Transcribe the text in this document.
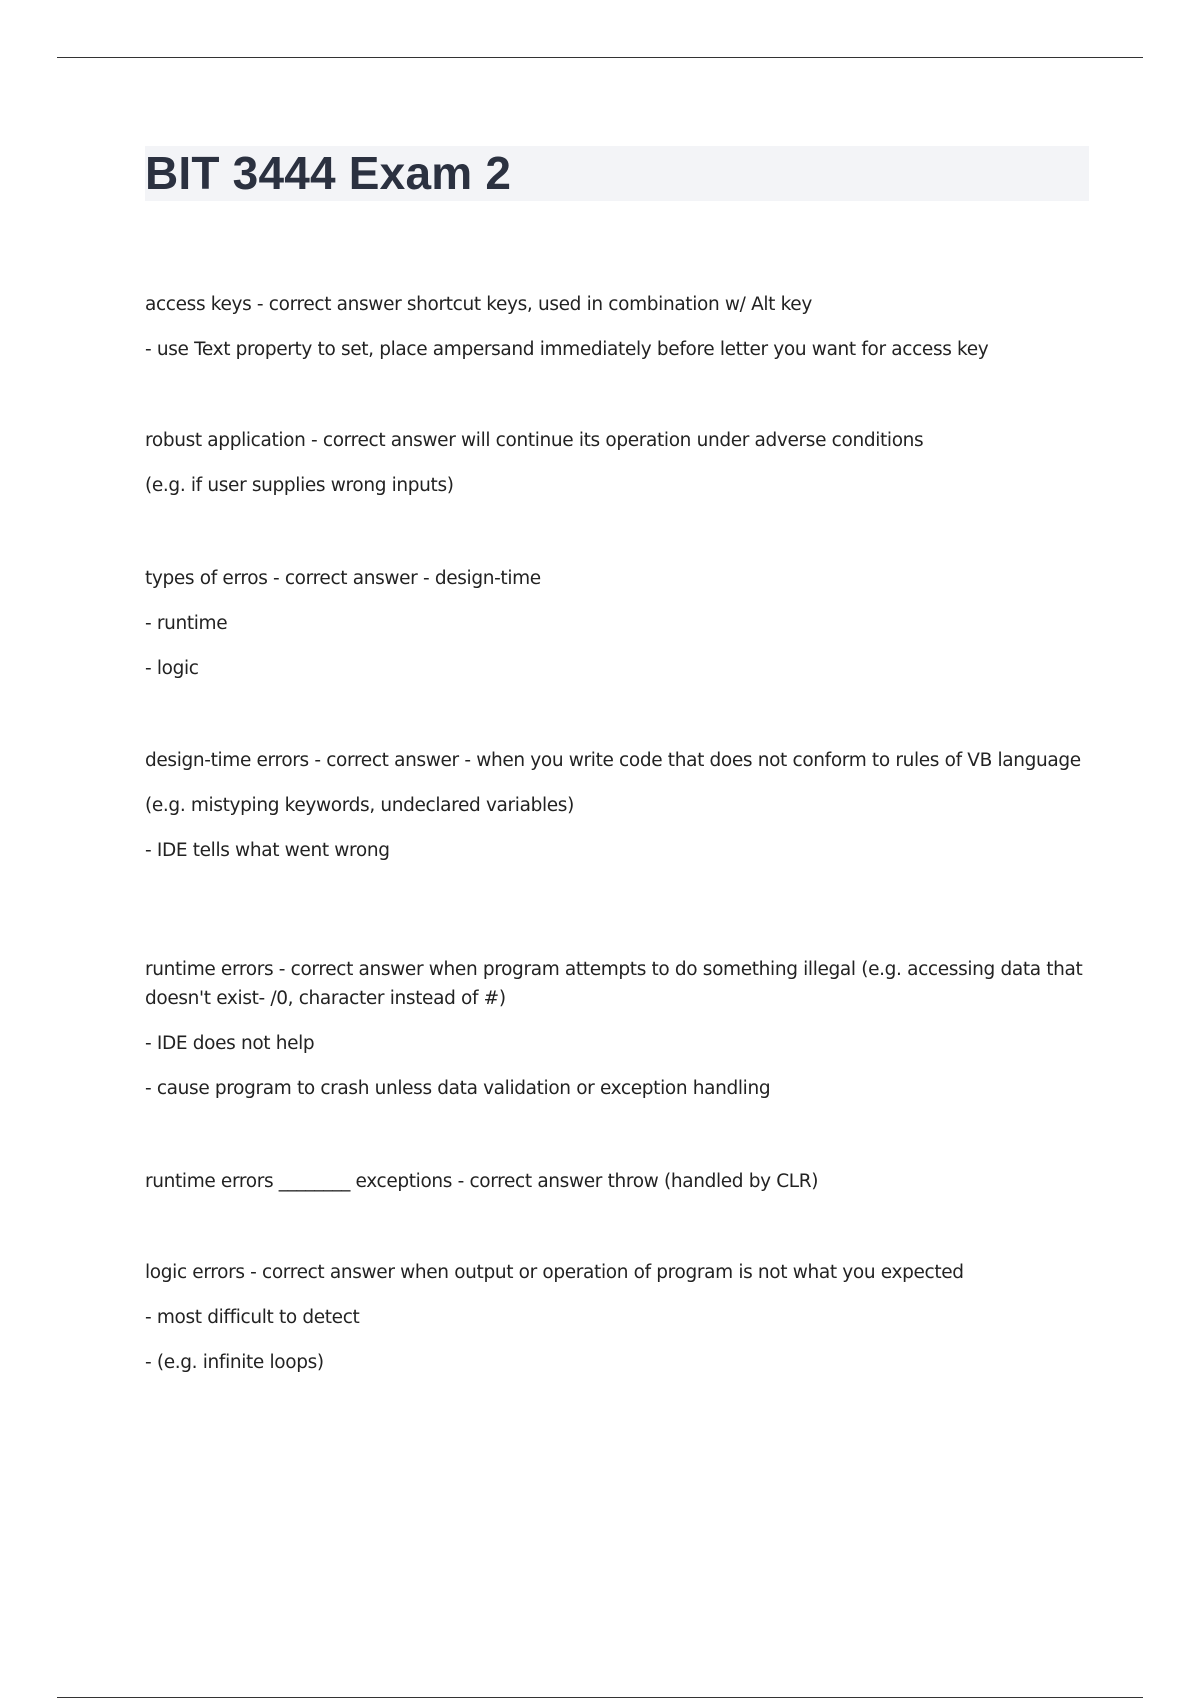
BIT 3444 Exam 2

access keys - correct answer shortcut keys, used in combination w/ Alt key

- use Text property to set, place ampersand immediately before letter you want for access key

robust application - correct answer will continue its operation under adverse conditions

(e.g. if user supplies wrong inputs)

types of erros - correct answer - design-time

- runtime

- logic

design-time errors - correct answer - when you write code that does not conform to rules of VB language

(e.g. mistyping keywords, undeclared variables)

- IDE tells what went wrong

runtime errors - correct answer when program attempts to do something illegal (e.g. accessing data that doesn't exist- /0, character instead of #)

- IDE does not help

- cause program to crash unless data validation or exception handling

runtime errors ________ exceptions - correct answer throw (handled by CLR)

logic errors - correct answer when output or operation of program is not what you expected

- most difficult to detect

- (e.g. infinite loops)
